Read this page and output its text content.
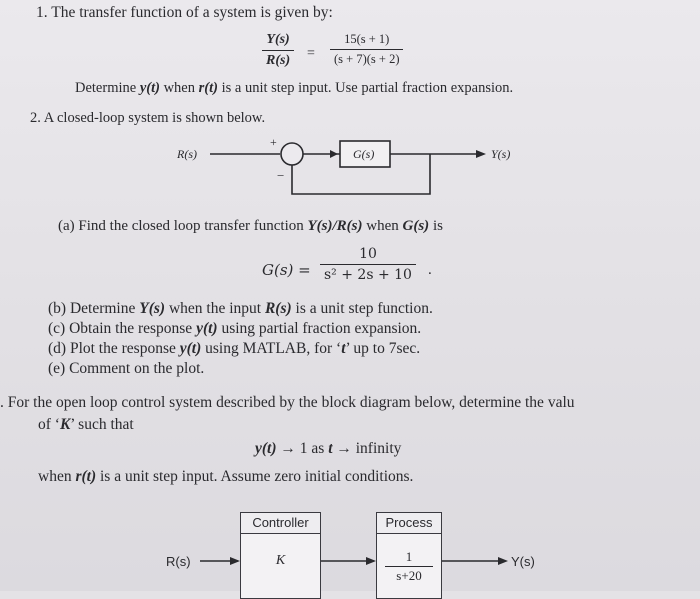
1. The transfer function of a system is given by:
Y(s)
R(s) =
15(s + 1)
(s + 7)(s + 2)
Determine y(t) when r(t) is a unit step input. Use partial fraction expansion.
2. A closed-loop system is shown below.
R(s)	G(s)	Y(s)
+
−
R(s)	Y(s)
(a) Find the closed loop transfer function Y(s)/R(s) when G(s) is
G(s) =
10
s² + 2s + 10 .
(b) Determine Y(s) when the input R(s) is a unit step function.
(c) Obtain the response y(t) using partial fraction expansion.
(d) Plot the response y(t) using MATLAB, for ‘t’ up to 7sec.
(e) Comment on the plot.
. For the open loop control system described by the block diagram below, determine the valu
of ‘K’ such that
y(t) → 1 as t → infinity
when r(t) is a unit step input. Assume zero initial conditions.
Controller
K
Process
1
s+20
